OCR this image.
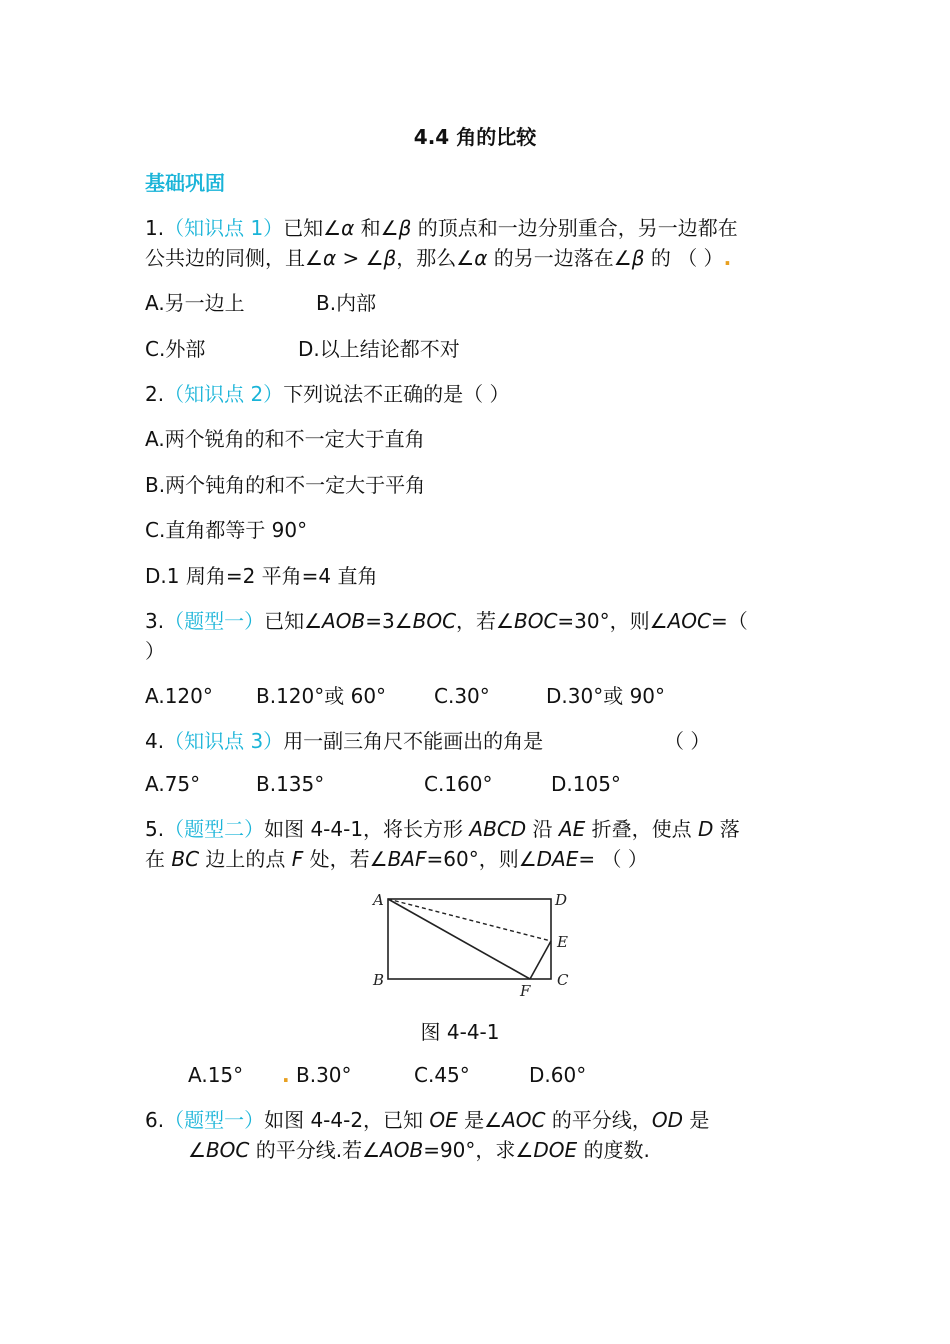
4.4 角的比较
基础巩固
1.（知识点 1）已知∠α 和∠β 的顶点和一边分别重合，另一边都在
公共边的同侧，且∠α > ∠β，那么∠α 的另一边落在∠β 的 （ ）.
A.另一边上	B.内部
C.外部	D.以上结论都不对
2.（知识点 2）下列说法不正确的是（ ）
A.两个锐角的和不一定大于直角
B.两个钝角的和不一定大于平角
C.直角都等于 90°
D.1 周角=2 平角=4 直角
3.（题型一）已知∠AOB=3∠BOC，若∠BOC=30°，则∠AOC=（
）
A.120° B.120°或 60° C.30°	D.30°或 90°
4.（知识点 3）用一副三角尺不能画出的角是	（ ）
A.75°	B.135°	C.160°	D.105°
5.（题型二）如图 4-4-1，将长方形 ABCD 沿 AE 折叠，使点 D 落
在 BC 边上的点 F 处，若∠BAF=60°，则∠DAE= （ ）
A	D
E
B	C
F
图 4-4-1
A.15° . B.30°	C.45°	D.60°
6.（题型一）如图 4-4-2，已知 OE 是∠AOC 的平分线，OD 是
∠BOC 的平分线.若∠AOB=90°，求∠DOE 的度数.
